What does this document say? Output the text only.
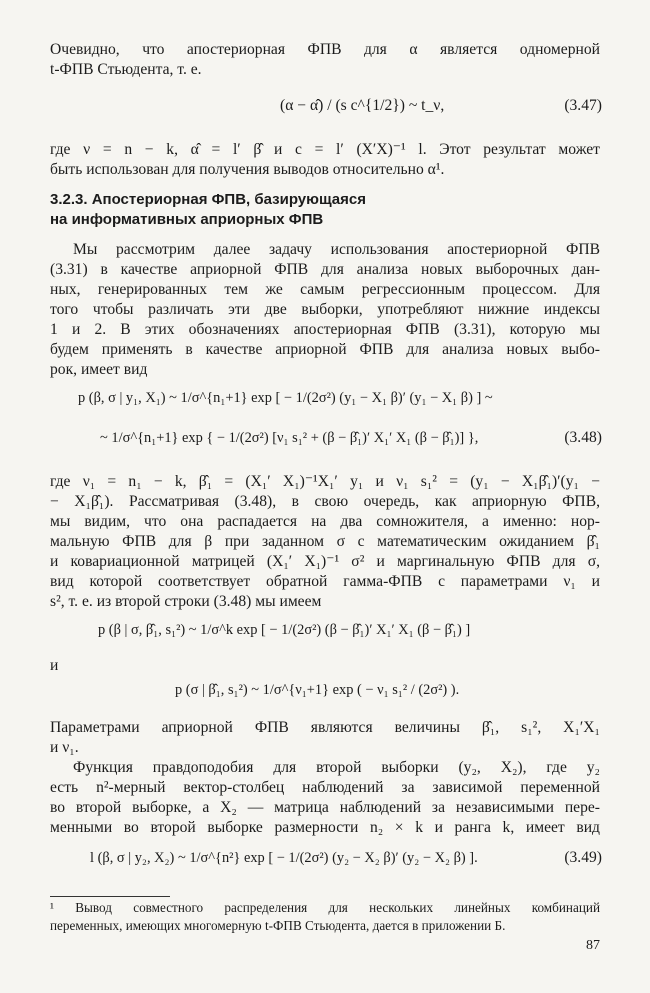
Очевидно, что апостериорная ФПВ для α является одномерной
t-ФПВ Стьюдента, т. е.
(α − α̂) / (s c^{1/2}) ~ t_ν,	(3.47)
где ν = n − k, α̂ = l′ β̂ и c = l′ (X′X)⁻¹ l. Этот результат может
быть использован для получения выводов относительно α¹.
3.2.3. Апостериорная ФПВ, базирующаяся
на информативных априорных ФПВ
Мы рассмотрим далее задачу использования апостериорной ФПВ
(3.31) в качестве априорной ФПВ для анализа новых выборочных дан-
ных, генерированных тем же самым регрессионным процессом. Для
того чтобы различать эти две выборки, употребляют нижние индексы
1 и 2. В этих обозначениях апостериорная ФПВ (3.31), которую мы
будем применять в качестве априорной ФПВ для анализа новых выбо-
рок, имеет вид
p (β, σ | y₁, X₁) ~ 1/σ^{n₁+1} exp [ − 1/(2σ²) (y₁ − X₁ β)′ (y₁ − X₁ β) ] ~
~ 1/σ^{n₁+1} exp { − 1/(2σ²) [ν₁ s₁² + (β − β̂₁)′ X₁′ X₁ (β − β̂₁)] },	(3.48)
где ν₁ = n₁ − k, β̂₁ = (X₁′ X₁)⁻¹X₁′ y₁ и ν₁ s₁² = (y₁ − X₁β̂₁)′(y₁ −
− X₁β̂₁). Рассматривая (3.48), в свою очередь, как априорную ФПВ,
мы видим, что она распадается на два сомножителя, а именно: нор-
мальную ФПВ для β при заданном σ с математическим ожиданием β̂₁
и ковариационной матрицей (X₁′ X₁)⁻¹ σ² и маргинальную ФПВ для σ,
вид которой соответствует обратной гамма-ФПВ с параметрами ν₁ и
s², т. е. из второй строки (3.48) мы имеем
p (β | σ, β̂₁, s₁²) ~ 1/σ^k exp [ − 1/(2σ²) (β − β̂₁)′ X₁′ X₁ (β − β̂₁) ]
и
p (σ | β̂₁, s₁²) ~ 1/σ^{ν₁+1} exp ( − ν₁ s₁² / (2σ²) ).
Параметрами априорной ФПВ являются величины β̂₁, s₁², X₁′X₁
и ν₁.
Функция правдоподобия для второй выборки (y₂, X₂), где y₂
есть n²-мерный вектор-столбец наблюдений за зависимой переменной
во второй выборке, а X₂ — матрица наблюдений за независимыми пере-
менными во второй выборке размерности n₂ × k и ранга k, имеет вид
l (β, σ | y₂, X₂) ~ 1/σ^{n²} exp [ − 1/(2σ²) (y₂ − X₂ β)′ (y₂ − X₂ β) ].	(3.49)
¹ Вывод совместного распределения для нескольких линейных комбинаций
переменных, имеющих многомерную t-ФПВ Стьюдента, дается в приложении Б.
87
